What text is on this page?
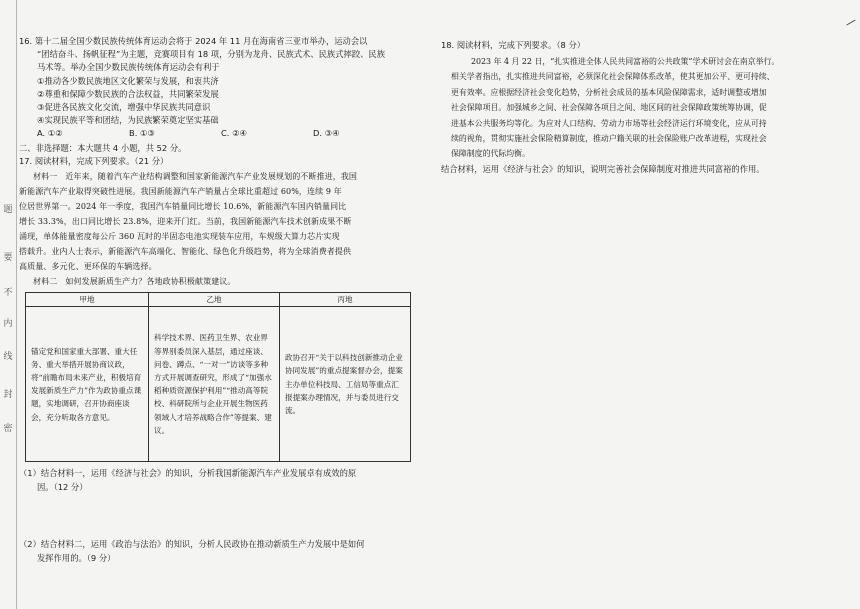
题
要
不
内
线
封
密

16. 第十二届全国少数民族传统体育运动会将于 2024 年 11 月在海南省三亚市举办，运动会以

“团结奋斗、扬帆征程”为主题，竞赛项目有 18 项，分别为龙舟、民族式术、民族式摔跤、民族

马术等。举办全国少数民族传统体育运动会有利于

①推动各少数民族地区文化繁荣与发展，和衷共济

②尊重和保障少数民族的合法权益，共同繁荣发展

③促进各民族文化交流，增强中华民族共同意识

④实现民族平等和团结，为民族繁荣奠定坚实基础

A. ①②	B. ①③	C. ②④	D. ③④

二、非选择题：本大题共 4 小题，共 52 分。

17. 阅读材料，完成下列要求。（21 分）

材料一　近年来，随着汽车产业结构调整和国家新能源汽车产业发展规划的不断推进，我国

新能源汽车产业取得突破性进展。我国新能源汽车产销量占全球比重超过 60%，连续 9 年

位居世界第一。2024 年一季度，我国汽车销量同比增长 10.6%，新能源汽车国内销量同比

增长 33.3%，出口同比增长 23.8%，迎来开门红。当前，我国新能源汽车技术创新成果不断

涌现，单体能量密度每公斤 360 瓦时的半固态电池实现装车应用，车规级大算力芯片实现

搭载升。业内人士表示，新能源汽车高端化、智能化、绿色化升级趋势，将为全球消费者提供

高质量、多元化、更环保的车辆选择。

材料二　如何发展新质生产力？各地政协积极献策建议。

甲地	乙地	丙地
锚定党和国家重大部署、重大任务、重大举措开展协商议政，将“前瞻布局未来产业，积极培育发展新质生产力”作为政协重点课题，实地调研，召开协商座谈会，充分听取各方意见。	科学技术界、医药卫生界、农业界等界别委员深入基层，通过座谈、问卷、蹲点、“一对一”访谈等多种方式开展调查研究，形成了“加强水稻种质资源保护利用”“推动高等院校、科研院所与企业开展生物医药领域人才培养战略合作”等提案、建议。	政协召开“关于以科技创新推动企业协同发展”的重点提案督办会，提案主办单位科技局、工信局等重点汇报提案办理情况，并与委员进行交流。

（1）结合材料一，运用《经济与社会》的知识，分析我国新能源汽车产业发展卓有成效的原

因。（12 分）

（2）结合材料二，运用《政治与法治》的知识，分析人民政协在推动新质生产力发展中是如何

发挥作用的。（9 分）

18. 阅读材料，完成下列要求。（8 分）

2023 年 4 月 22 日，“扎实推进全体人民共同富裕的公共政策”学术研讨会在南京举行。

相关学者指出，扎实推进共同富裕，必须深化社会保障体系改革，使其更加公平、更可持续、

更有效率。应根据经济社会变化趋势，分析社会成员的基本风险保障需求，适时调整或增加

社会保障项目。加强城乡之间、社会保障各项目之间、地区间的社会保障政策统筹协调，促

进基本公共服务均等化。为应对人口结构、劳动力市场等社会经济运行环境变化，应从可持

续的视角，贯彻实施社会保险精算制度，推动户籍关联的社会保险账户改革进程，实现社会

保障制度的代际均衡。

结合材料，运用《经济与社会》的知识，说明完善社会保障制度对推进共同富裕的作用。
